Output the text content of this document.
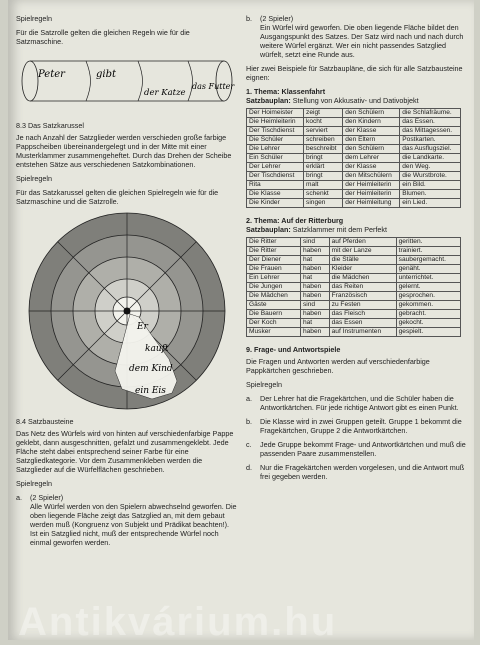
Spielregeln

Für die Satzrolle gelten die gleichen Regeln wie für die Satzmaschine.

Peter	gibt
der Katze
das Futter

8.3 Das Satzkarussel

Je nach Anzahl der Satzglieder werden verschieden große farbige Pappscheiben übereinandergelegt und in der Mitte mit einer Musterklammer zusammengeheftet. Durch das Drehen der Scheibe entstehen Sätze aus verschiedenen Satzkombinationen.

Spielregeln

Für das Satzkarussel gelten die gleichen Spielregeln wie für die Satzmaschine und die Satzrolle.

Er
kauft
dem Kind
ein Eis

8.4 Satzbausteine

Das Netz des Würfels wird von hinten auf verschiedenfarbige Pappe geklebt, dann ausgeschnitten, gefalzt und zusammengeklebt. Jede Fläche steht dabei entsprechend seiner Farbe für eine Satzgliedkategorie. Vor dem Zusammenkleben werden die Satzglieder auf die Würfelflächen geschrieben.

Spielregeln

a. (2 Spieler)
Alle Würfel werden von den Spielern abwechselnd geworfen. Die oben liegende Fläche zeigt das Satzglied an, mit dem gebaut werden muß (Kongruenz von Subjekt und Prädikat beachten!). Ist ein Satzglied nicht, muß der entsprechende Würfel noch einmal geworfen werden.
b. (2 Spieler)
Ein Würfel wird geworfen. Die oben liegende Fläche bildet den Ausgangspunkt des Satzes. Der Satz wird nach und nach durch weitere Würfel ergänzt. Wer ein nicht passendes Satzglied würfelt, setzt eine Runde aus.

Hier zwei Beispiele für Satzbaupläne, die sich für alle Satzbausteine eignen:

1. Thema: Klassenfahrt
Satzbauplan: Stellung von Akkusativ- und Dativobjekt
Der Hoimeister	zeigt	den Schülern	die Schlafräume.
Die Heimleiterin	kocht	den Kindern	das Essen.
Der Tischdienst	serviert	der Klasse	das Mittagessen.
Die Schüler	schreiben	den Eltern	Postkarten.
Die Lehrer	beschreibt	den Schülern	das Ausflugsziel.
Ein Schüler	bringt	dem Lehrer	die Landkarte.
Der Lehrer	erklärt	der Klasse	den Weg.
Der Tischdienst	bringt	den Mitschülern	die Wurstbrote.
Rita	malt	der Heimleiterin	ein Bild.
Die Klasse	schenkt	der Heimleiterin	Blumen.
Die Kinder	singen	der Heimleitung	ein Lied.
2. Thema: Auf der Ritterburg
Satzbauplan: Satzklammer mit dem Perfekt
Die Ritter	sind	auf Pferden	geritten.
Die Ritter	haben	mit der Lanze	trainiert.
Der Diener	hat	die Ställe	saubergemacht.
Die Frauen	haben	Kleider	genäht.
Ein Lehrer	hat	die Mädchen	unterrichtet.
Die Jungen	haben	das Reiten	gelernt.
Die Mädchen	haben	Französisch	gesprochen.
Gäste	sind	zu Festen	gekommen.
Die Bauern	haben	das Fleisch	gebracht.
Der Koch	hat	das Essen	gekocht.
Musker	haben	auf Instrumenten	gespielt.

9. Frage- und Antwortspiele

Die Fragen und Antworten werden auf verschiedenfarbige Pappkärtchen geschrieben.

Spielregeln

a. Der Lehrer hat die Fragekärtchen, und die Schüler haben die Antwortkärtchen. Für jede richtige Antwort gibt es einen Punkt.
b. Die Klasse wird in zwei Gruppen geteilt. Gruppe 1 bekommt die Fragekärtchen, Gruppe 2 die Antwortkärtchen.
c. Jede Gruppe bekommt Frage- und Antwortkärtchen und muß die passenden Paare zusammenstellen.
d. Nur die Fragekärtchen werden vorgelesen, und die Antwort muß frei gegeben werden.
Antikvárium.hu
